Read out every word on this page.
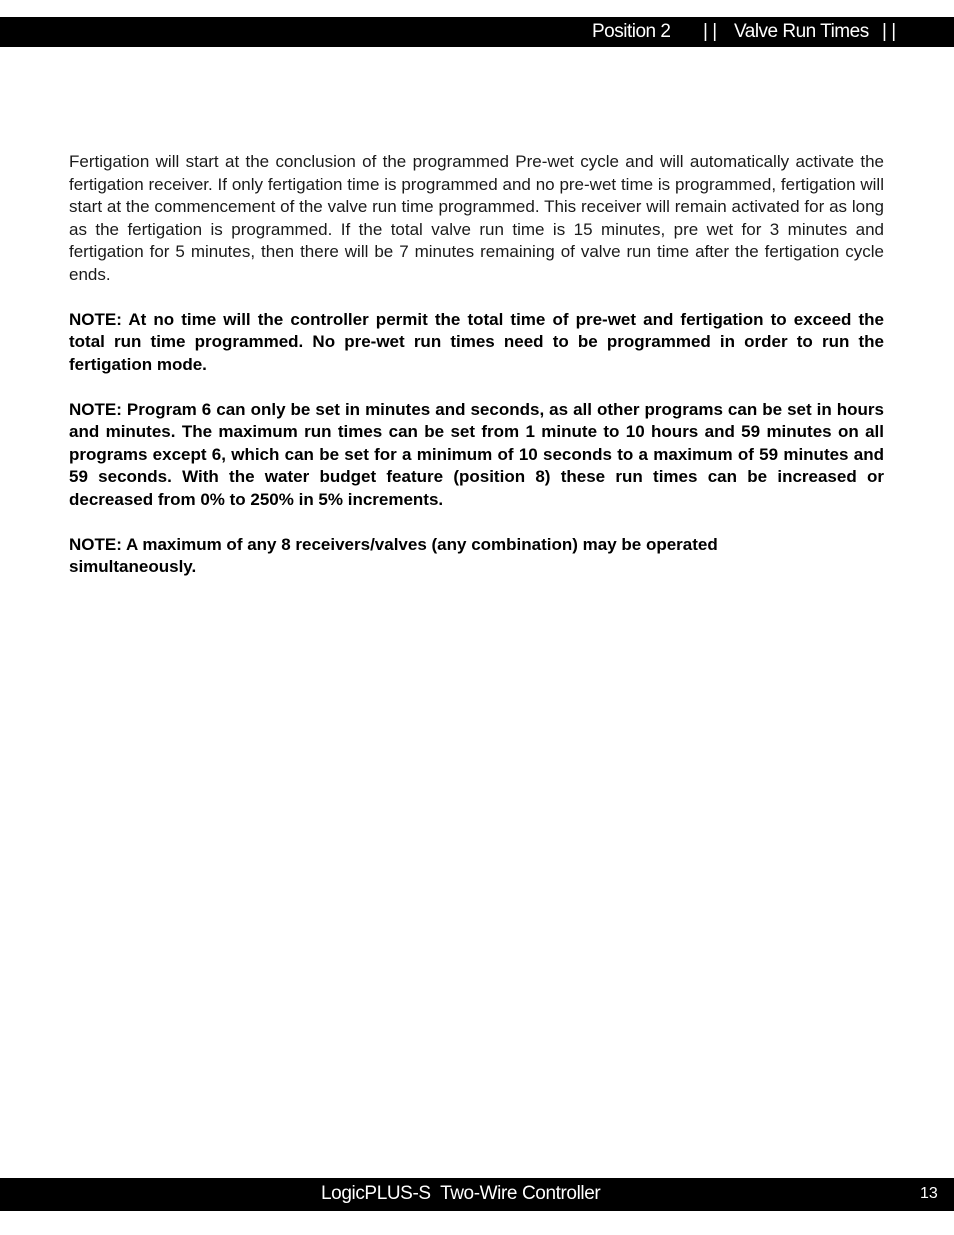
Position 2 | | Valve Run Times | |

Fertigation will start at the conclusion of the programmed Pre-wet cycle and will automatically activate the fertigation receiver. If only fertigation time is programmed and no pre-wet time is programmed, fertigation will start at the commencement of the valve run time programmed. This receiver will remain activated for as long as the fertigation is programmed. If the total valve run time is 15 minutes, pre wet for 3 minutes and fertigation for 5 minutes, then there will be 7 minutes remaining of valve run time after the fertigation cycle ends.

NOTE: At no time will the controller permit the total time of pre-wet and fertigation to exceed the total run time programmed. No pre-wet run times need to be programmed in order to run the fertigation mode.

NOTE: Program 6 can only be set in minutes and seconds, as all other programs can be set in hours and minutes. The maximum run times can be set from 1 minute to 10 hours and 59 minutes on all programs except 6, which can be set for a minimum of 10 seconds to a maximum of 59 minutes and 59 seconds. With the water budget feature (position 8) these run times can be increased or decreased from 0% to 250% in 5% increments.

NOTE: A maximum of any 8 receivers/valves (any combination) may be operated simultaneously.

LogicPLUS-S  Two-Wire Controller	13
